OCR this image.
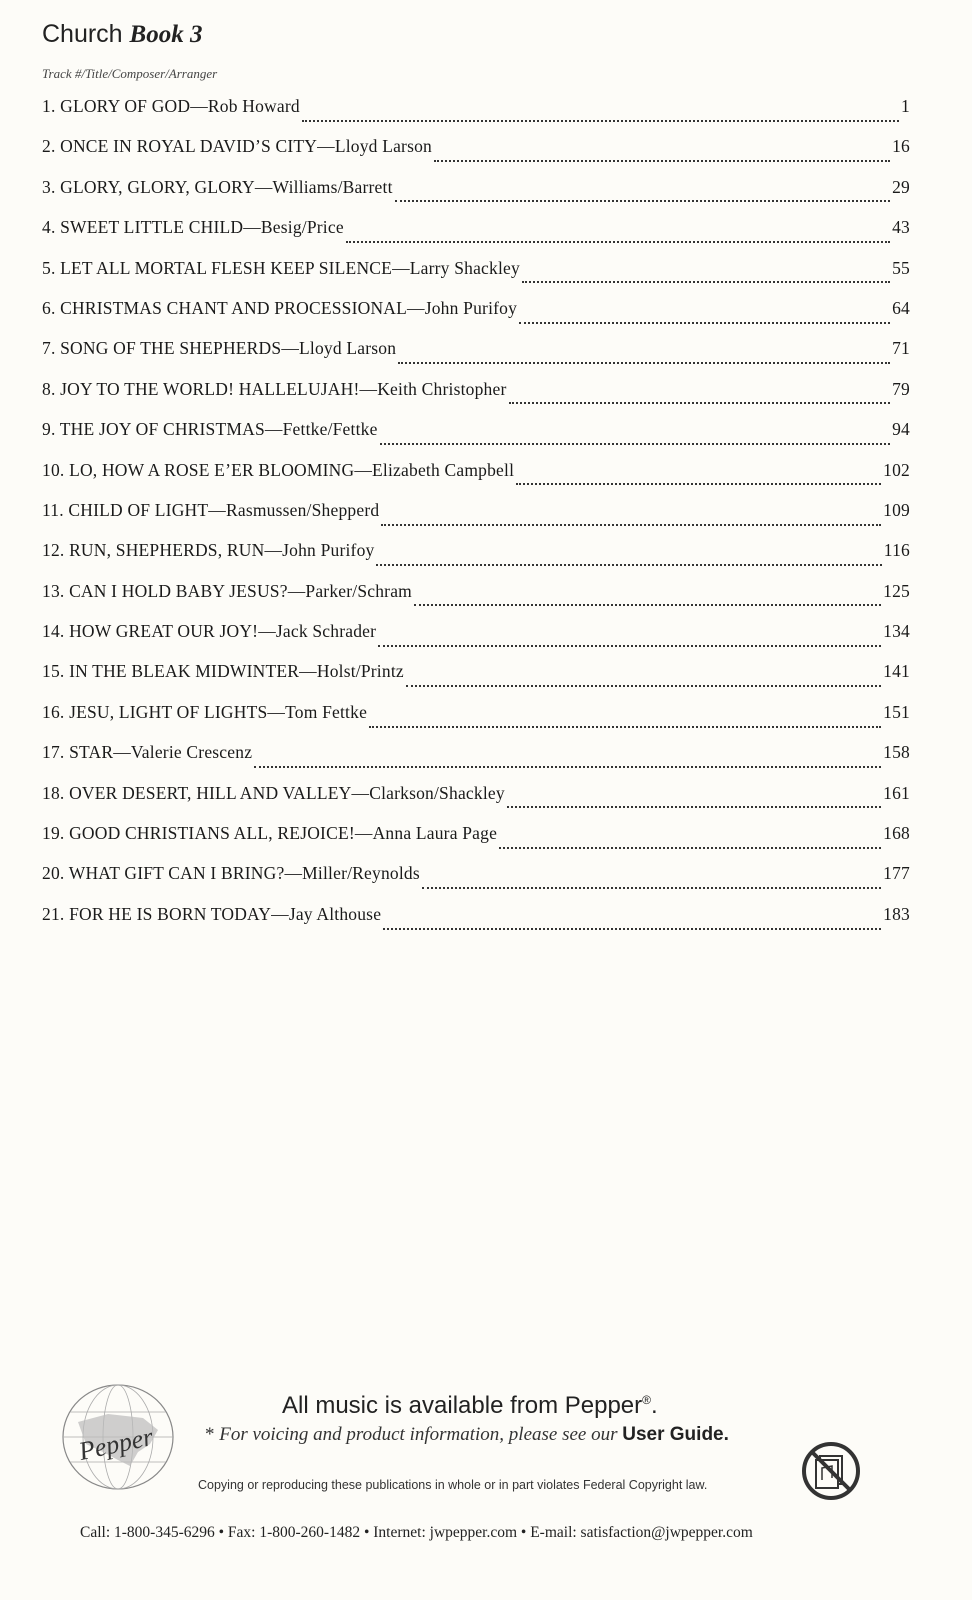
Church Book 3
Track #/Title/Composer/Arranger
1. GLORY OF GOD—Rob Howard	1
2. ONCE IN ROYAL DAVID’S CITY—Lloyd Larson	16
3. GLORY, GLORY, GLORY—Williams/Barrett	29
4. SWEET LITTLE CHILD—Besig/Price	43
5. LET ALL MORTAL FLESH KEEP SILENCE—Larry Shackley	55
6. CHRISTMAS CHANT AND PROCESSIONAL—John Purifoy	64
7. SONG OF THE SHEPHERDS—Lloyd Larson	71
8. JOY TO THE WORLD! HALLELUJAH!—Keith Christopher	79
9. THE JOY OF CHRISTMAS—Fettke/Fettke	94
10. LO, HOW A ROSE E’ER BLOOMING—Elizabeth Campbell	102
11. CHILD OF LIGHT—Rasmussen/Shepperd	109
12. RUN, SHEPHERDS, RUN—John Purifoy	116
13. CAN I HOLD BABY JESUS?—Parker/Schram	125
14. HOW GREAT OUR JOY!—Jack Schrader	134
15. IN THE BLEAK MIDWINTER—Holst/Printz	141
16. JESU, LIGHT OF LIGHTS—Tom Fettke	151
17. STAR—Valerie Crescenz	158
18. OVER DESERT, HILL AND VALLEY—Clarkson/Shackley	161
19. GOOD CHRISTIANS ALL, REJOICE!—Anna Laura Page	168
20. WHAT GIFT CAN I BRING?—Miller/Reynolds	177
21. FOR HE IS BORN TODAY—Jay Althouse	183
Pepper
All music is available from Pepper®.
* For voicing and product information, please see our User Guide.
Copying or reproducing these publications in whole or in part violates Federal Copyright law.
Call: 1-800-345-6296 • Fax: 1-800-260-1482 • Internet: jwpepper.com • E-mail: satisfaction@jwpepper.com
